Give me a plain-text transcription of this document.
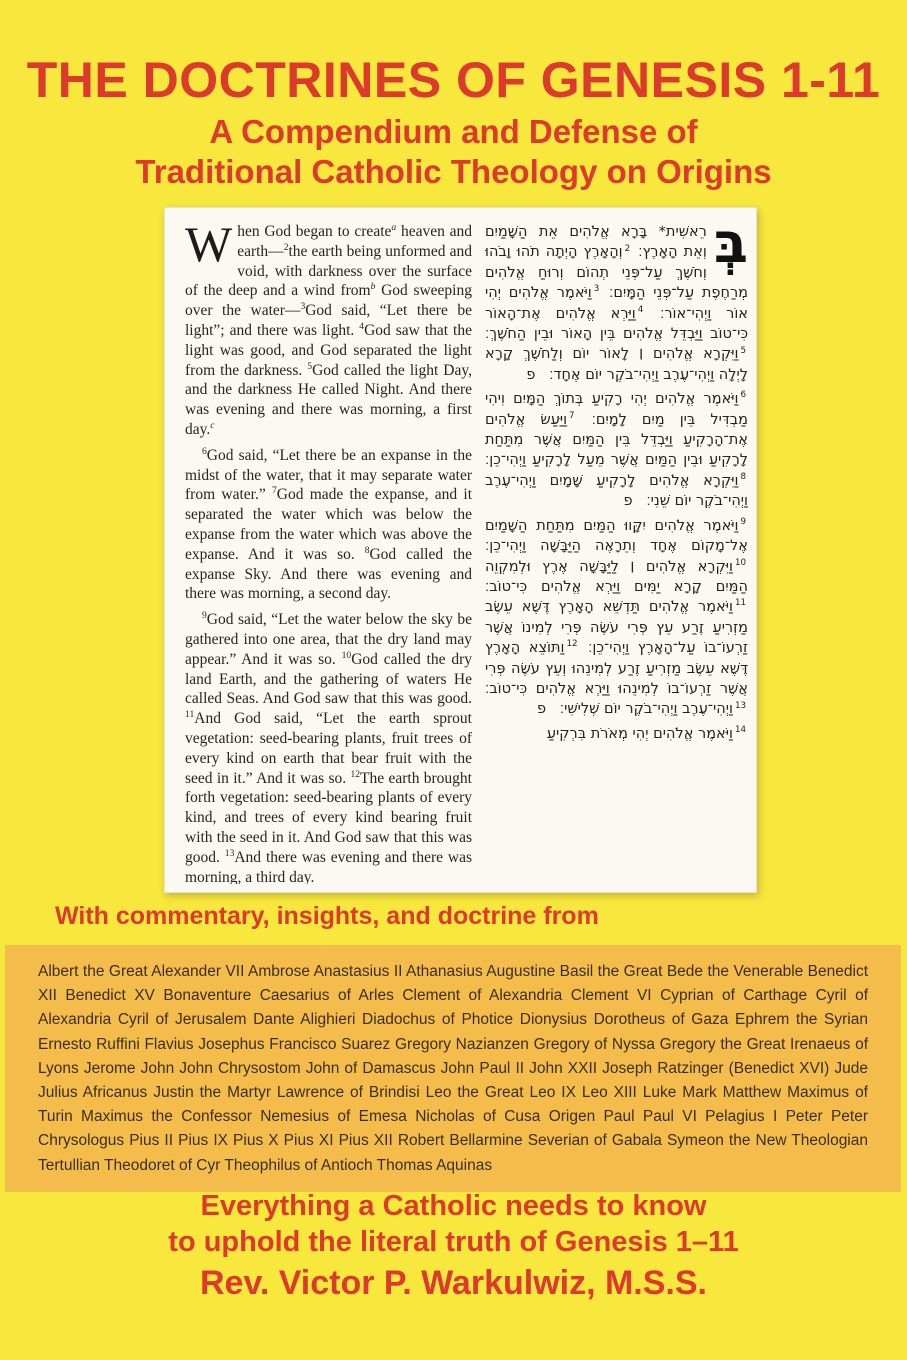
THE DOCTRINES OF GENESIS 1-11
A Compendium and Defense of
Traditional Catholic Theology on Origins

When God began to create$^a$ heaven and earth—$^2$the earth being unformed and void, with darkness over the surface of the deep and a wind from$^b$ God sweeping over the water—$^3$God said, “Let there be light”; and there was light. $^4$God saw that the light was good, and God separated the light from the darkness. $^5$God called the light Day, and the darkness He called Night. And there was evening and there was morning, a first day.$^c$

$^6$God said, “Let there be an expanse in the midst of the water, that it may separate water from water.” $^7$God made the expanse, and it separated the water which was below the expanse from the water which was above the expanse. And it was so. $^8$God called the expanse Sky. And there was evening and there was morning, a second day.

$^9$God said, “Let the water below the sky be gathered into one area, that the dry land may appear.” And it was so. $^{10}$God called the dry land Earth, and the gathering of waters He called Seas. And God saw that this was good. $^{11}$And God said, “Let the earth sprout vegetation: seed-bearing plants, fruit trees of every kind on earth that bear fruit with the seed in it.” And it was so. $^{12}$The earth brought forth vegetation: seed-bearing plants of every kind, and trees of every kind bearing fruit with the seed in it. And God saw that this was good. $^{13}$And there was evening and there was morning, a third day.

בְּ
רֵאשִׁית* בָּרָא אֱלֹהִים אֵת הַשָּׁמַיִם וְאֵת הָאָרֶץ׃ $^2$וְהָאָרֶץ הָיְתָה תֹהוּ וָבֹהוּ וְחֹשֶׁךְ עַל־פְּנֵי תְהוֹם וְרוּחַ אֱלֹהִים מְרַחֶפֶת עַל־פְּנֵי הַמָּיִם׃ $^3$וַיֹּאמֶר אֱלֹהִים יְהִי אוֹר וַיְהִי־אוֹר׃ $^4$וַיַּרְא אֱלֹהִים אֶת־הָאוֹר כִּי־טוֹב וַיַּבְדֵּל אֱלֹהִים בֵּין הָאוֹר וּבֵין הַחֹשֶׁךְ׃ $^5$וַיִּקְרָא אֱלֹהִים ׀ לָאוֹר יוֹם וְלַחֹשֶׁךְ קָרָא לָיְלָה וַיְהִי־עֶרֶב וַיְהִי־בֹקֶר יוֹם אֶחָד׃   פ

$^6$וַיֹּאמֶר אֱלֹהִים יְהִי רָקִיעַ בְּתוֹךְ הַמָּיִם וִיהִי מַבְדִּיל בֵּין מַיִם לָמָיִם׃ $^7$וַיַּעַשׂ אֱלֹהִים אֶת־הָרָקִיעַ וַיַּבְדֵּל בֵּין הַמַּיִם אֲשֶׁר מִתַּחַת לָרָקִיעַ וּבֵין הַמַּיִם אֲשֶׁר מֵעַל לָרָקִיעַ וַיְהִי־כֵן׃ $^8$וַיִּקְרָא אֱלֹהִים לָרָקִיעַ שָׁמָיִם וַיְהִי־עֶרֶב וַיְהִי־בֹקֶר יוֹם שֵׁנִי׃   פ

$^9$וַיֹּאמֶר אֱלֹהִים יִקָּווּ הַמַּיִם מִתַּחַת הַשָּׁמַיִם אֶל־מָקוֹם אֶחָד וְתֵרָאֶה הַיַּבָּשָׁה וַיְהִי־כֵן׃ $^{10}$וַיִּקְרָא אֱלֹהִים ׀ לַיַּבָּשָׁה אֶרֶץ וּלְמִקְוֵה הַמַּיִם קָרָא יַמִּים וַיַּרְא אֱלֹהִים כִּי־טוֹב׃ $^{11}$וַיֹּאמֶר אֱלֹהִים תַּדְשֵׁא הָאָרֶץ דֶּשֶׁא עֵשֶׂב מַזְרִיעַ זֶרַע עֵץ פְּרִי עֹשֶׂה פְּרִי לְמִינוֹ אֲשֶׁר זַרְעוֹ־בוֹ עַל־הָאָרֶץ וַיְהִי־כֵן׃ $^{12}$וַתּוֹצֵא הָאָרֶץ דֶּשֶׁא עֵשֶׂב מַזְרִיעַ זֶרַע לְמִינֵהוּ וְעֵץ עֹשֶׂה פְּרִי אֲשֶׁר זַרְעוֹ־בוֹ לְמִינֵהוּ וַיַּרְא אֱלֹהִים כִּי־טוֹב׃ $^{13}$וַיְהִי־עֶרֶב וַיְהִי־בֹקֶר יוֹם שְׁלִישִׁי׃   פ

$^{14}$וַיֹּאמֶר אֱלֹהִים יְהִי מְאֹרֹת בִּרְקִיעַ

With commentary, insights, and doctrine from

Albert the Great Alexander VII Ambrose Anastasius II Athanasius Augustine Basil the Great Bede the Venerable Benedict XII Benedict XV Bonaventure Caesarius of Arles Clement of Alexandria Clement VI Cyprian of Carthage Cyril of Alexandria Cyril of Jerusalem Dante Alighieri Diadochus of Photice Dionysius Dorotheus of Gaza Ephrem the Syrian Ernesto Ruffini Flavius Josephus Francisco Suarez Gregory Nazianzen Gregory of Nyssa Gregory the Great Irenaeus of Lyons Jerome John John Chrysostom John of Damascus John Paul II John XXII Joseph Ratzinger (Benedict XVI) Jude Julius Africanus Justin the Martyr Lawrence of Brindisi Leo the Great Leo IX Leo XIII Luke Mark Matthew Maximus of Turin Maximus the Confessor Nemesius of Emesa Nicholas of Cusa Origen Paul Paul VI Pelagius I Peter Peter Chrysologus Pius II Pius IX Pius X Pius XI Pius XII Robert Bellarmine Severian of Gabala Symeon the New Theologian Tertullian Theodoret of Cyr Theophilus of Antioch Thomas Aquinas

Everything a Catholic needs to know
to uphold the literal truth of Genesis 1–11
Rev. Victor P. Warkulwiz, M.S.S.
